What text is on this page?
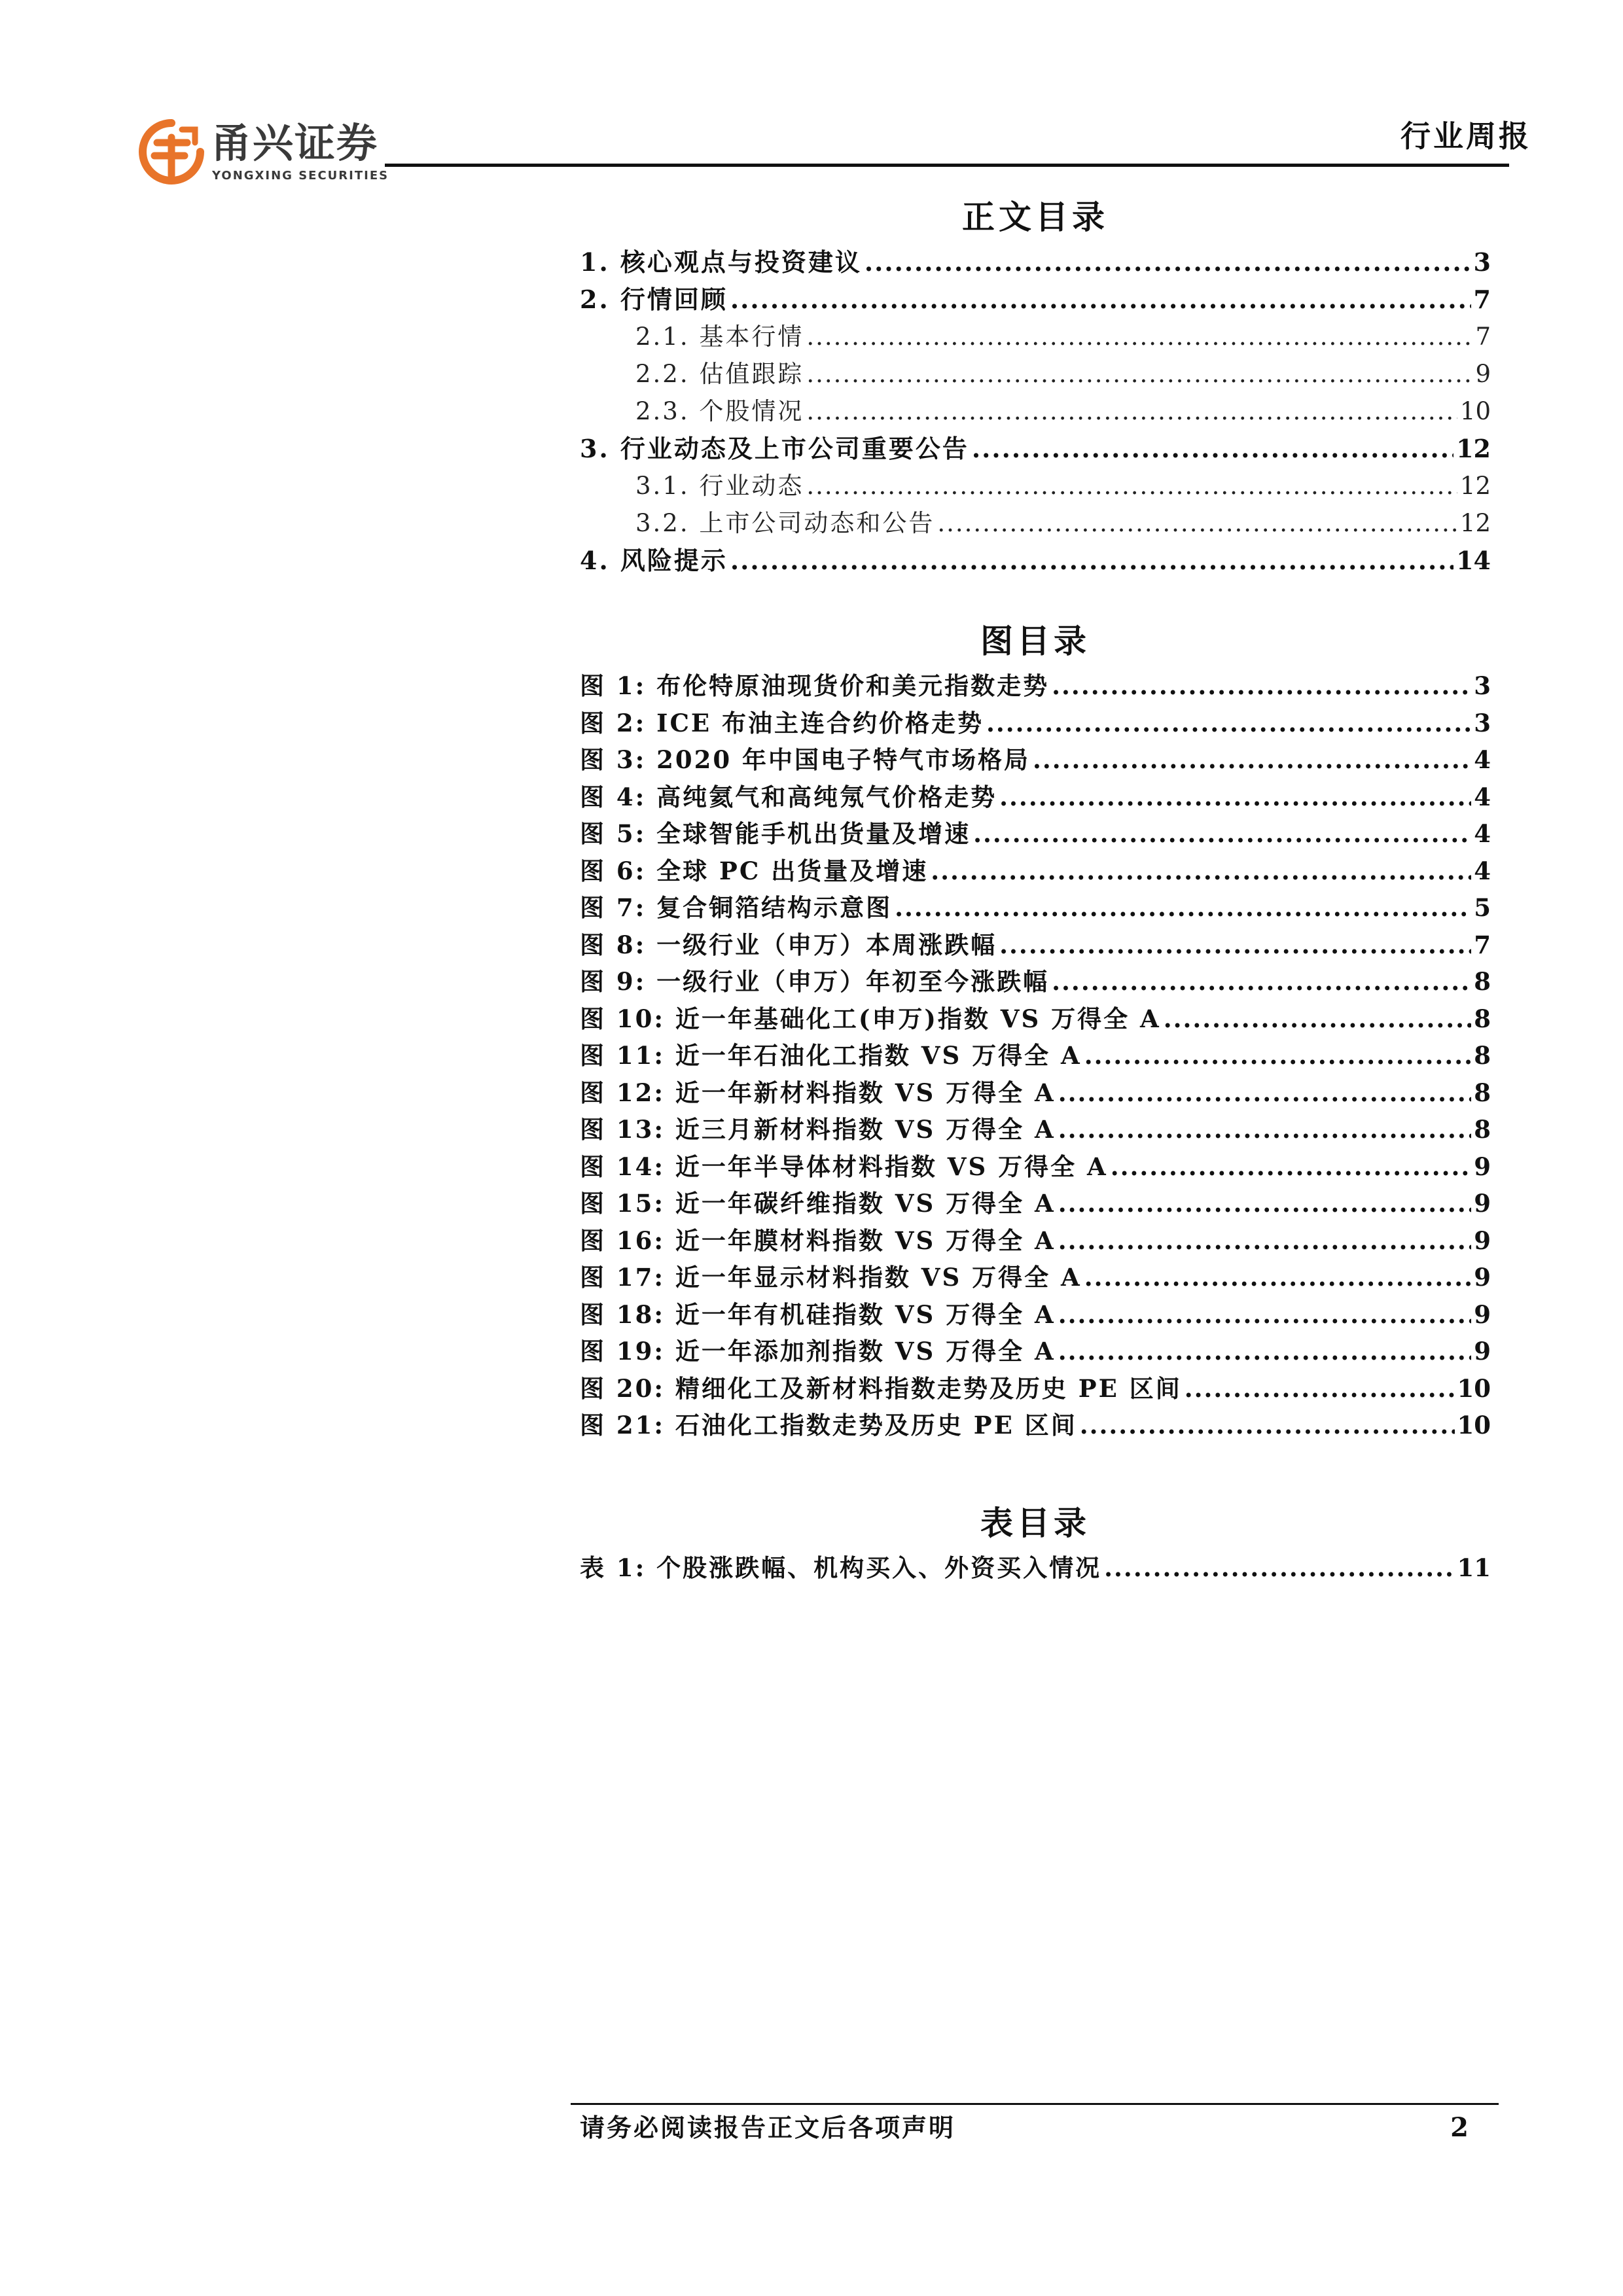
甬兴证券
YONGXING SECURITIES
行业周报
正文目录
1. 核心观点与投资建议 .....	3
2. 行情回顾 .....	7
2.1. 基本行情 .....	7
2.2. 估值跟踪 .....	9
2.3. 个股情况 .....	10
3. 行业动态及上市公司重要公告 .....	12
3.1. 行业动态 .....	12
3.2. 上市公司动态和公告 .....	12
4. 风险提示 .....	14
图目录
图 1: 布伦特原油现货价和美元指数走势 .....	3
图 2: ICE 布油主连合约价格走势 .....	3
图 3: 2020 年中国电子特气市场格局 .....	4
图 4: 高纯氦气和高纯氖气价格走势 .....	4
图 5: 全球智能手机出货量及增速 .....	4
图 6: 全球 PC 出货量及增速 .....	4
图 7: 复合铜箔结构示意图 .....	5
图 8: 一级行业（申万）本周涨跌幅 .....	7
图 9: 一级行业（申万）年初至今涨跌幅 .....	8
图 10: 近一年基础化工(申万)指数 VS 万得全 A .....	8
图 11: 近一年石油化工指数 VS 万得全 A .....	8
图 12: 近一年新材料指数 VS 万得全 A .....	8
图 13: 近三月新材料指数 VS 万得全 A .....	8
图 14: 近一年半导体材料指数 VS 万得全 A .....	9
图 15: 近一年碳纤维指数 VS 万得全 A .....	9
图 16: 近一年膜材料指数 VS 万得全 A .....	9
图 17: 近一年显示材料指数 VS 万得全 A .....	9
图 18: 近一年有机硅指数 VS 万得全 A .....	9
图 19: 近一年添加剂指数 VS 万得全 A .....	9
图 20: 精细化工及新材料指数走势及历史 PE 区间 .....	10
图 21: 石油化工指数走势及历史 PE 区间 .....	10
表目录
表 1: 个股涨跌幅、机构买入、外资买入情况 .....	11
请务必阅读报告正文后各项声明	2
